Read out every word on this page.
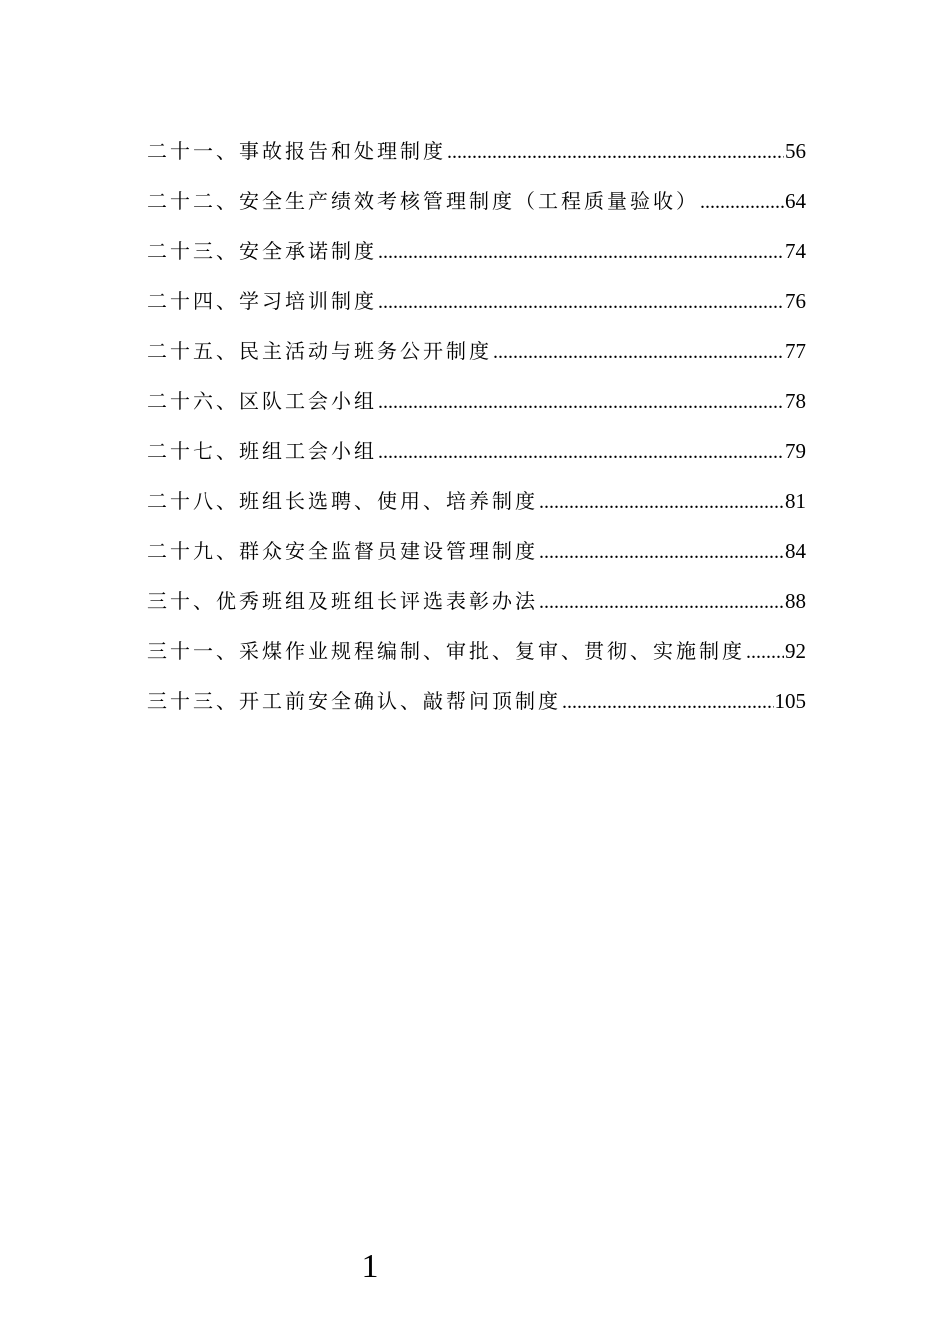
二十一、事故报告和处理制度 .....	56
二十二、安全生产绩效考核管理制度（工程质量验收） .....	64
二十三、安全承诺制度 .....	74
二十四、学习培训制度 .....	76
二十五、民主活动与班务公开制度 .....	77
二十六、区队工会小组 .....	78
二十七、班组工会小组 .....	79
二十八、班组长选聘、使用、培养制度 .....	81
二十九、群众安全监督员建设管理制度 .....	84
三十、优秀班组及班组长评选表彰办法 .....	88
三十一、采煤作业规程编制、审批、复审、贯彻、实施制度 ..... 92
三十三、开工前安全确认、敲帮问顶制度 .....	105
1
